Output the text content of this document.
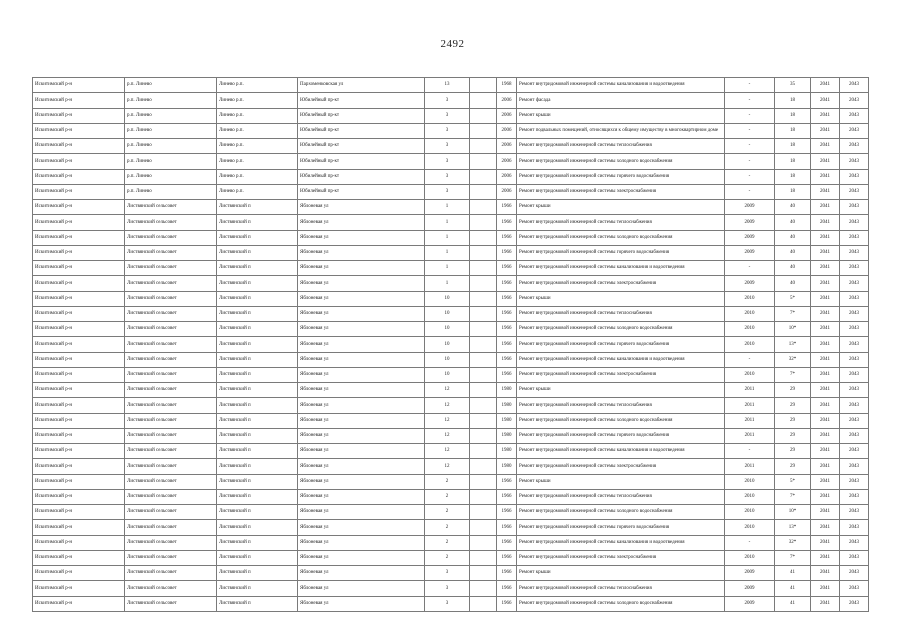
2492
Искитимский р-н	р.п. Линево	Линево р.п.	Пархоменковская ул	13		1968	Ремонт внутридомовой инженерной системы канализования и водоотведения	-	35	2041	2043
Искитимский р-н	р.п. Линево	Линево р.п.	Юбилейный пр-кт	3		2006	Ремонт фасада	-	18	2041	2043
Искитимский р-н	р.п. Линево	Линево р.п.	Юбилейный пр-кт	3		2006	Ремонт крыши	-	18	2041	2043
Искитимский р-н	р.п. Линево	Линево р.п.	Юбилейный пр-кт	3		2006	Ремонт подвальных помещений, относящихся к общему имуществу в многоквартирном доме	-	18	2041	2043
Искитимский р-н	р.п. Линево	Линево р.п.	Юбилейный пр-кт	3		2006	Ремонт внутридомовой инженерной системы теплоснабжения	-	18	2041	2043
Искитимский р-н	р.п. Линево	Линево р.п.	Юбилейный пр-кт	3		2006	Ремонт внутридомовой инженерной системы холодного водоснабжения	-	18	2041	2043
Искитимский р-н	р.п. Линево	Линево р.п.	Юбилейный пр-кт	3		2006	Ремонт внутридомовой инженерной системы горячего водоснабжения	-	18	2041	2043
Искитимский р-н	р.п. Линево	Линево р.п.	Юбилейный пр-кт	3		2006	Ремонт внутридомовой инженерной системы электроснабжения	-	18	2041	2043
Искитимский р-н	Листвянский сельсовет	Листвянский п	Яблоневая ул	1		1966	Ремонт крыши	2009	40	2041	2043
Искитимский р-н	Листвянский сельсовет	Листвянский п	Яблоневая ул	1		1966	Ремонт внутридомовой инженерной системы теплоснабжения	2009	40	2041	2043
Искитимский р-н	Листвянский сельсовет	Листвянский п	Яблоневая ул	1		1966	Ремонт внутридомовой инженерной системы холодного водоснабжения	2009	40	2041	2043
Искитимский р-н	Листвянский сельсовет	Листвянский п	Яблоневая ул	1		1966	Ремонт внутридомовой инженерной системы горячего водоснабжения	2009	40	2041	2043
Искитимский р-н	Листвянский сельсовет	Листвянский п	Яблоневая ул	1		1966	Ремонт внутридомовой инженерной системы канализования и водоотведения	-	40	2041	2043
Искитимский р-н	Листвянский сельсовет	Листвянский п	Яблоневая ул	1		1966	Ремонт внутридомовой инженерной системы электроснабжения	2009	40	2041	2043
Искитимский р-н	Листвянский сельсовет	Листвянский п	Яблоневая ул	10		1966	Ремонт крыши	2010	5*	2041	2043
Искитимский р-н	Листвянский сельсовет	Листвянский п	Яблоневая ул	10		1966	Ремонт внутридомовой инженерной системы теплоснабжения	2010	7*	2041	2043
Искитимский р-н	Листвянский сельсовет	Листвянский п	Яблоневая ул	10		1966	Ремонт внутридомовой инженерной системы холодного водоснабжения	2010	10*	2041	2043
Искитимский р-н	Листвянский сельсовет	Листвянский п	Яблоневая ул	10		1966	Ремонт внутридомовой инженерной системы горячего водоснабжения	2010	13*	2041	2043
Искитимский р-н	Листвянский сельсовет	Листвянский п	Яблоневая ул	10		1966	Ремонт внутридомовой инженерной системы канализования и водоотведения	-	32*	2041	2043
Искитимский р-н	Листвянский сельсовет	Листвянский п	Яблоневая ул	10		1966	Ремонт внутридомовой инженерной системы электроснабжения	2010	7*	2041	2043
Искитимский р-н	Листвянский сельсовет	Листвянский п	Яблоневая ул	12		1980	Ремонт крыши	2011	29	2041	2043
Искитимский р-н	Листвянский сельсовет	Листвянский п	Яблоневая ул	12		1980	Ремонт внутридомовой инженерной системы теплоснабжения	2011	29	2041	2043
Искитимский р-н	Листвянский сельсовет	Листвянский п	Яблоневая ул	12		1980	Ремонт внутридомовой инженерной системы холодного водоснабжения	2011	29	2041	2043
Искитимский р-н	Листвянский сельсовет	Листвянский п	Яблоневая ул	12		1980	Ремонт внутридомовой инженерной системы горячего водоснабжения	2011	29	2041	2043
Искитимский р-н	Листвянский сельсовет	Листвянский п	Яблоневая ул	12		1980	Ремонт внутридомовой инженерной системы канализования и водоотведения	-	29	2041	2043
Искитимский р-н	Листвянский сельсовет	Листвянский п	Яблоневая ул	12		1980	Ремонт внутридомовой инженерной системы электроснабжения	2011	29	2041	2043
Искитимский р-н	Листвянский сельсовет	Листвянский п	Яблоневая ул	2		1966	Ремонт крыши	2010	5*	2041	2043
Искитимский р-н	Листвянский сельсовет	Листвянский п	Яблоневая ул	2		1966	Ремонт внутридомовой инженерной системы теплоснабжения	2010	7*	2041	2043
Искитимский р-н	Листвянский сельсовет	Листвянский п	Яблоневая ул	2		1966	Ремонт внутридомовой инженерной системы холодного водоснабжения	2010	10*	2041	2043
Искитимский р-н	Листвянский сельсовет	Листвянский п	Яблоневая ул	2		1966	Ремонт внутридомовой инженерной системы горячего водоснабжения	2010	13*	2041	2043
Искитимский р-н	Листвянский сельсовет	Листвянский п	Яблоневая ул	2		1966	Ремонт внутридомовой инженерной системы канализования и водоотведения	-	32*	2041	2043
Искитимский р-н	Листвянский сельсовет	Листвянский п	Яблоневая ул	2		1966	Ремонт внутридомовой инженерной системы электроснабжения	2010	7*	2041	2043
Искитимский р-н	Листвянский сельсовет	Листвянский п	Яблоневая ул	3		1966	Ремонт крыши	2009	41	2041	2043
Искитимский р-н	Листвянский сельсовет	Листвянский п	Яблоневая ул	3		1966	Ремонт внутридомовой инженерной системы теплоснабжения	2009	41	2041	2043
Искитимский р-н	Листвянский сельсовет	Листвянский п	Яблоневая ул	3		1966	Ремонт внутридомовой инженерной системы холодного водоснабжения	2009	41	2041	2043
